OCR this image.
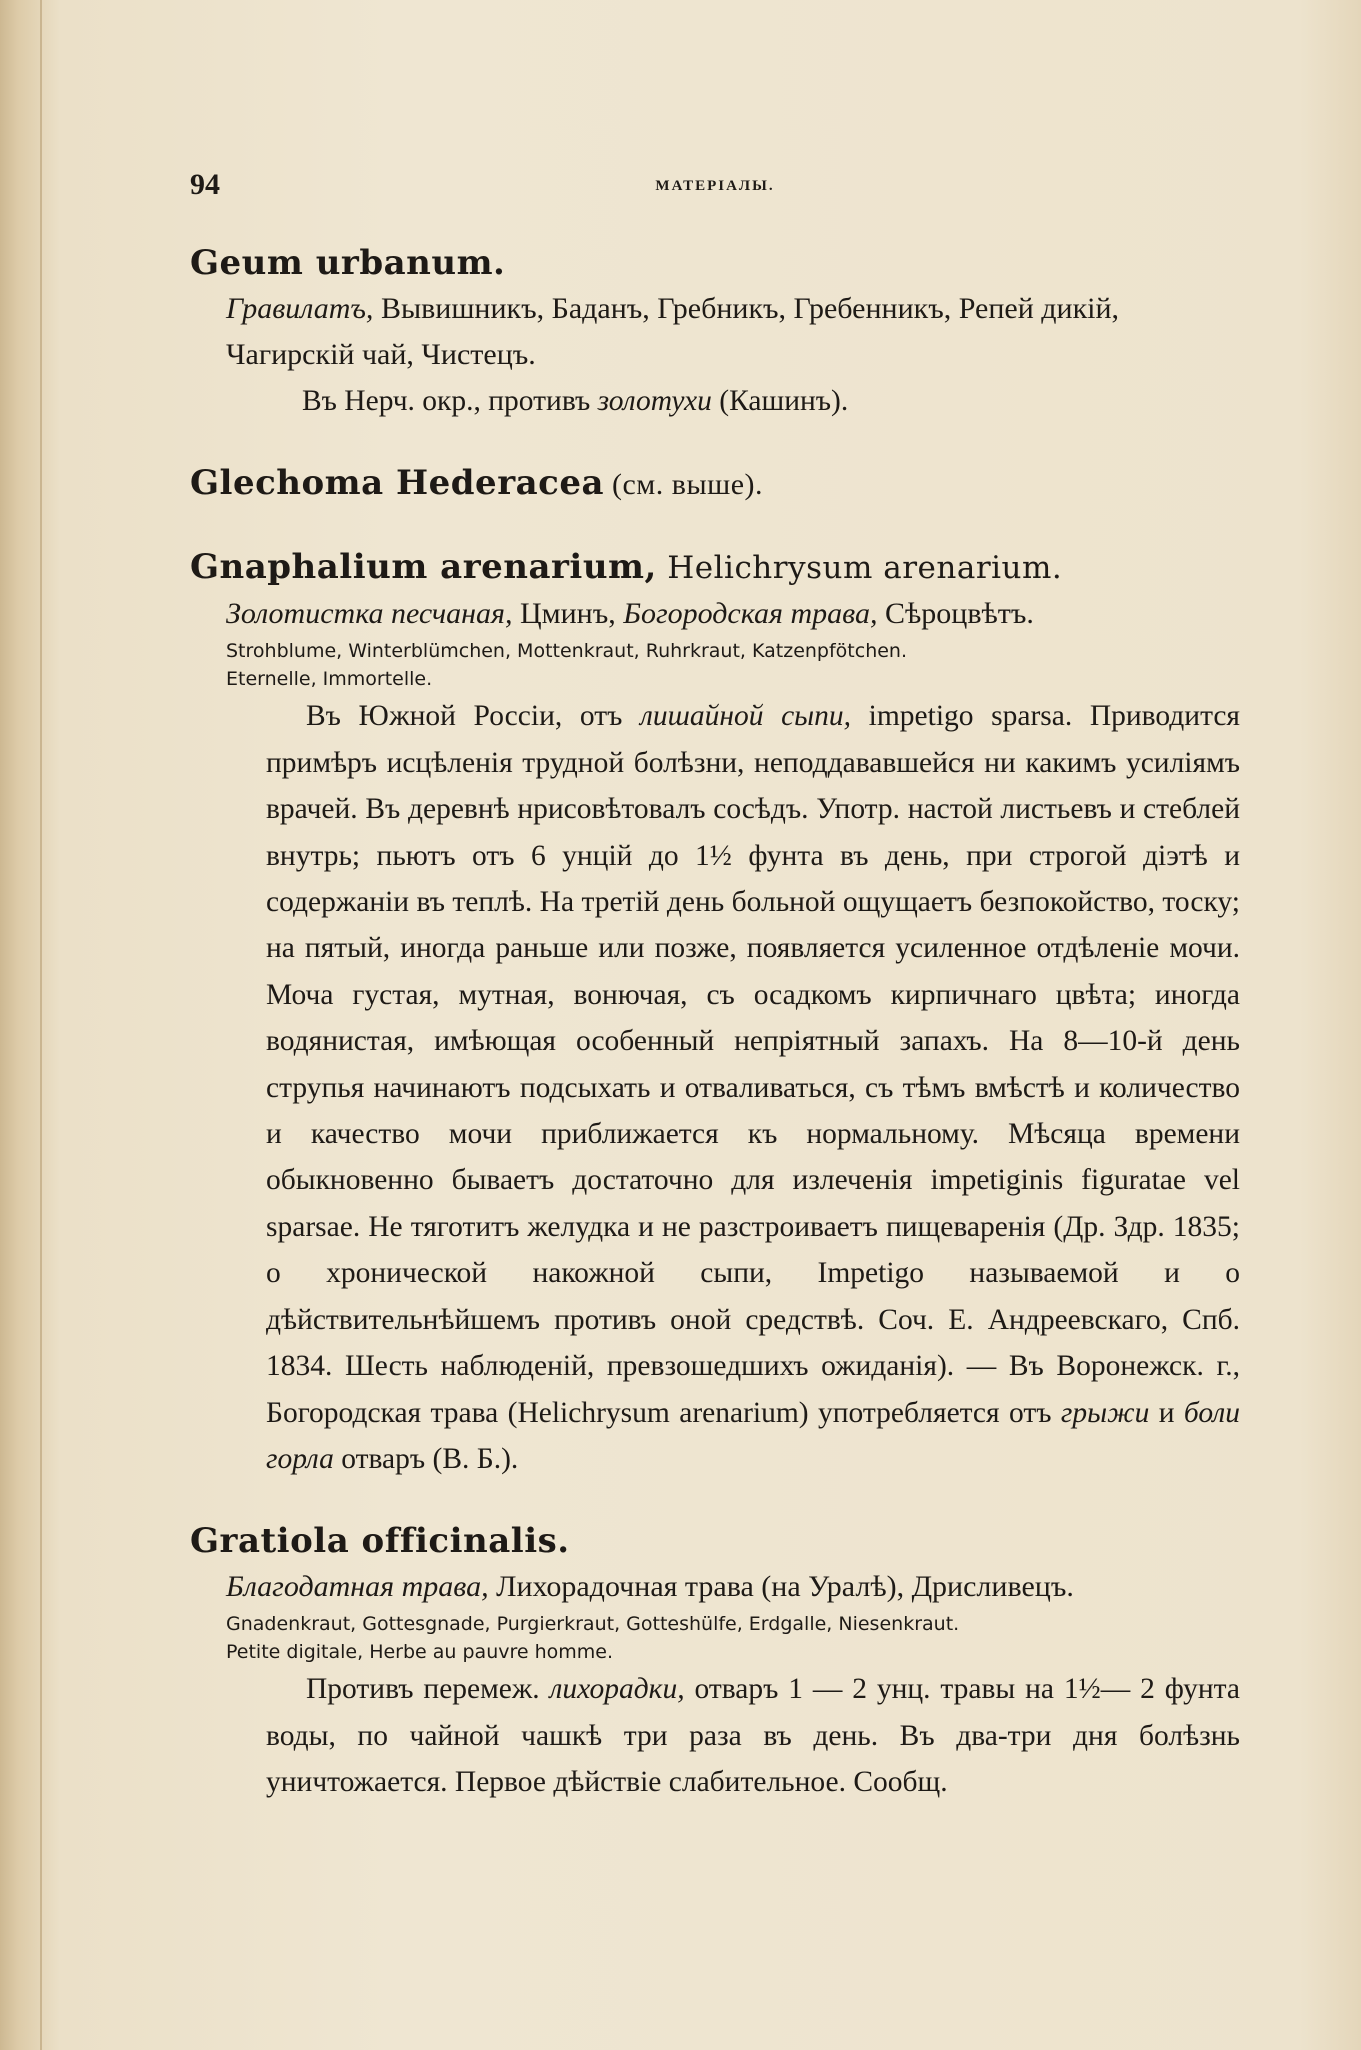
94	МАТЕРІАЛЫ.
Geum urbanum.
Гравилатъ, Вывишникъ, Баданъ, Гребникъ, Гребенникъ, Репей дикій, Чагирскій чай, Чистецъ.
Въ Нерч. окр., противъ золотухи (Кашинъ).
Glechoma Hederacea (см. выше).
Gnaphalium arenarium, Helichrysum arenarium.
Золотистка песчаная, Цминъ, Богородская трава, Сѣроцвѣтъ.
Strohblume, Winterblümchen, Mottenkraut, Ruhrkraut, Katzenpfötchen.
Eternelle, Immortelle.
Въ Южной Россіи, отъ лишайной сыпи, impetigo sparsa. Приводится примѣръ исцѣленія трудной болѣзни, неподдававшейся ни какимъ усиліямъ врачей. Въ деревнѣ нрисовѣтовалъ сосѣдъ. Употр. настой листьевъ и стеблей внутрь; пьютъ отъ 6 унцій до 1½ фунта въ день, при строгой діэтѣ и содержаніи въ теплѣ. На третій день больной ощущаетъ безпокойство, тоску; на пятый, иногда раньше или позже, появляется усиленное отдѣленіе мочи. Моча густая, мутная, вонючая, съ осадкомъ кирпичнаго цвѣта; иногда водянистая, имѣющая особенный непріятный запахъ. На 8—10-й день струпья начинаютъ подсыхать и отваливаться, съ тѣмъ вмѣстѣ и количество и качество мочи приближается къ нормальному. Мѣсяца времени обыкновенно бываетъ достаточно для излеченія impetiginis figuratae vel sparsae. Не тяготитъ желудка и не разстроиваетъ пищеваренія (Др. Здр. 1835; о хронической накожной сыпи, Impetigo называемой и о дѣйствительнѣйшемъ противъ оной средствѣ. Соч. Е. Андреевскаго, Спб. 1834. Шесть наблюденій, превзошедшихъ ожиданія). — Въ Воронежск. г., Богородская трава (Helichrysum arenarium) употребляется отъ грыжи и боли горла отваръ (В. Б.).
Gratiola officinalis.
Благодатная трава, Лихорадочная трава (на Уралѣ), Дрисливецъ.
Gnadenkraut, Gottesgnade, Purgierkraut, Gotteshülfe, Erdgalle, Niesenkraut.
Petite digitale, Herbe au pauvre homme.
Противъ перемеж. лихорадки, отваръ 1 — 2 унц. травы на 1½— 2 фунта воды, по чайной чашкѣ три раза въ день. Въ два-три дня болѣзнь уничтожается. Первое дѣйствіе слабительное. Сообщ.
